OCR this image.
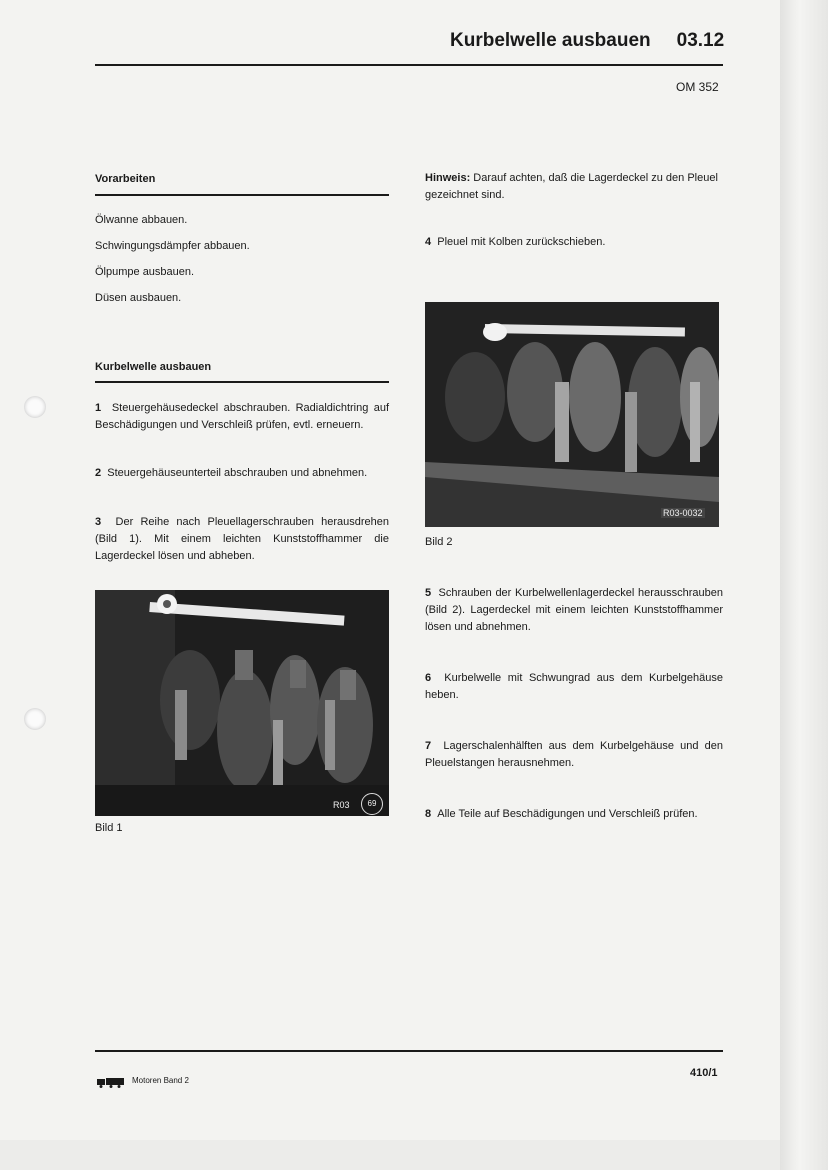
Kurbelwelle ausbauen 03.12
OM 352
Vorarbeiten
Ölwanne abbauen.
Schwingungsdämpfer abbauen.
Ölpumpe ausbauen.
Düsen ausbauen.
Kurbelwelle ausbauen
1 Steuergehäusedeckel abschrauben. Radialdichtring auf Beschädigungen und Verschleiß prüfen, evtl. erneuern.
2 Steuergehäuseunterteil abschrauben und abnehmen.
3 Der Reihe nach Pleuellagerschrauben herausdrehen (Bild 1). Mit einem leichten Kunststoffhammer die Lagerdeckel lösen und abheben.
R03	69
Bild 1
Hinweis: Darauf achten, daß die Lagerdeckel zu den Pleuel gezeichnet sind.
4 Pleuel mit Kolben zurückschieben.
R03-0032
Bild 2
5 Schrauben der Kurbelwellenlagerdeckel herausschrauben (Bild 2). Lagerdeckel mit einem leichten Kunststoffhammer lösen und abnehmen.
6 Kurbelwelle mit Schwungrad aus dem Kurbelgehäuse heben.
7 Lagerschalenhälften aus dem Kurbelgehäuse und den Pleuelstangen herausnehmen.
8 Alle Teile auf Beschädigungen und Verschleiß prüfen.
Motoren Band 2
410/1
